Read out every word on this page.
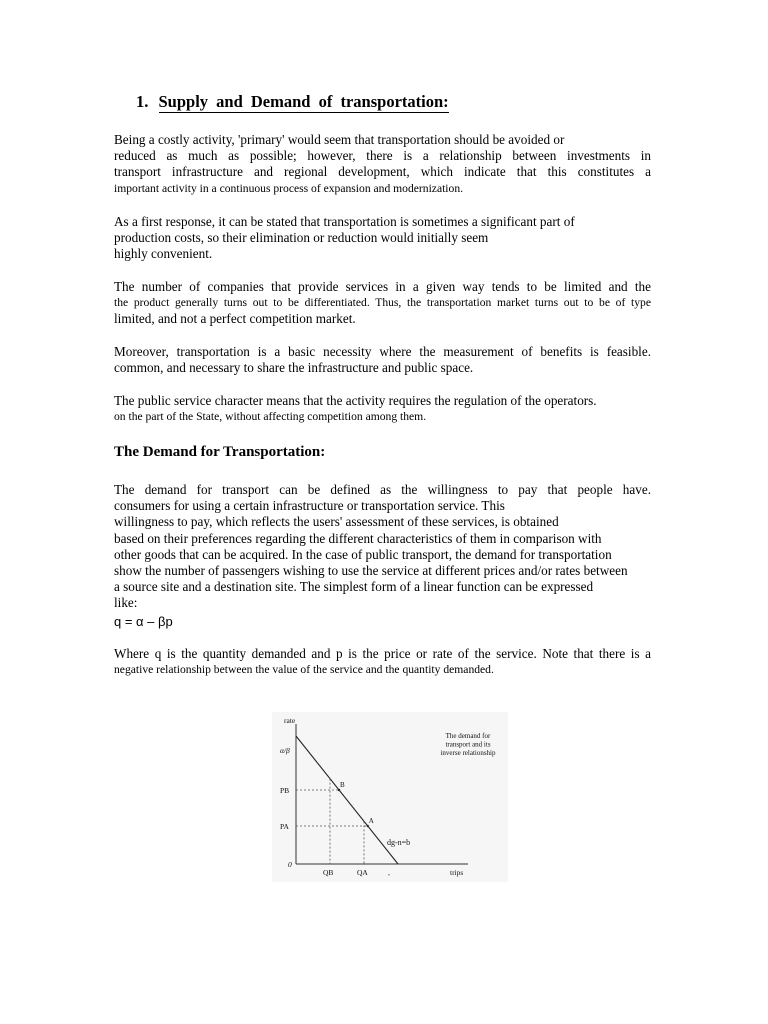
1. Supply and Demand of transportation:

Being a costly activity, 'primary' would seem that transportation should be avoided or
reduced as much as possible; however, there is a relationship between investments in
transport infrastructure and regional development, which indicate that this constitutes a
important activity in a continuous process of expansion and modernization.

As a first response, it can be stated that transportation is sometimes a significant part of
production costs, so their elimination or reduction would initially seem
highly convenient.

The number of companies that provide services in a given way tends to be limited and the
the product generally turns out to be differentiated. Thus, the transportation market turns out to be of type
limited, and not a perfect competition market.

Moreover, transportation is a basic necessity where the measurement of benefits is feasible.
common, and necessary to share the infrastructure and public space.

The public service character means that the activity requires the regulation of the operators.
on the part of the State, without affecting competition among them.

The Demand for Transportation:

The demand for transport can be defined as the willingness to pay that people have.
consumers for using a certain infrastructure or transportation service. This
willingness to pay, which reflects the users' assessment of these services, is obtained
based on their preferences regarding the different characteristics of them in comparison with
other goods that can be acquired. In the case of public transport, the demand for transportation
show the number of passengers wishing to use the service at different prices and/or rates between
a source site and a destination site. The simplest form of a linear function can be expressed
like:

q = α – βp

Where q is the quantity demanded and p is the price or rate of the service. Note that there is a
negative relationship between the value of the service and the quantity demanded.

rate
trips
α/β
PB
PA
0
QB	QA	,
B
A
dg-n=b
The demand for
transport and its
inverse relationship
